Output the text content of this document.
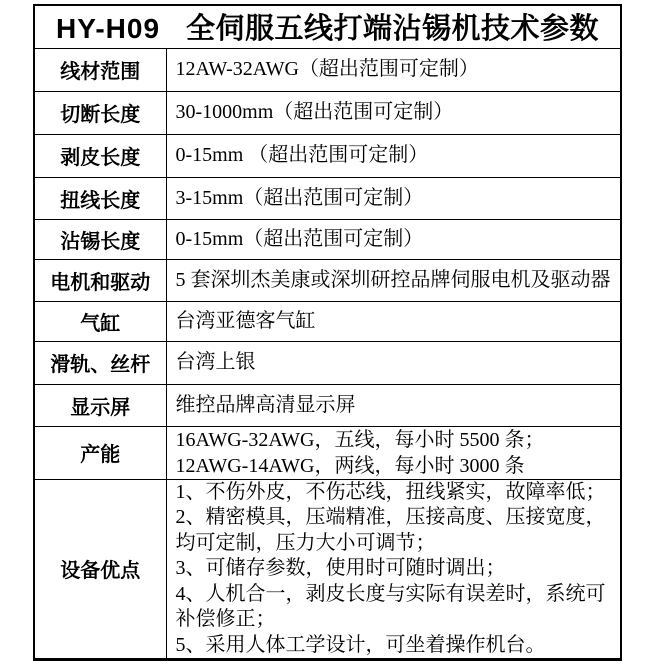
HY-H09 全伺服五线打端沾锡机技术参数	
线材范围	12AW-32AWG（超出范围可定制）
切断长度	30-1000mm（超出范围可定制）
剥皮长度	0-15mm （超出范围可定制）
扭线长度	3-15mm（超出范围可定制）
沾锡长度	0-15mm（超出范围可定制）
电机和驱动	5 套深圳杰美康或深圳研控品牌伺服电机及驱动器
气缸	台湾亚德客气缸
滑轨、丝杆	台湾上银
显示屏	维控品牌高清显示屏
产能	16AWG-32AWG，五线，每小时 5500 条；
12AWG-14AWG，两线，每小时 3000 条

设备优点	1、不伤外皮，不伤芯线，扭线紧实，故障率低；
2、精密模具，压端精准，压接高度、压接宽度，均可定制，压力大小可调节；
3、可储存参数，使用时可随时调出；
4、人机合一，剥皮长度与实际有误差时，系统可补偿修正；
5、采用人体工学设计，可坐着操作机台。
